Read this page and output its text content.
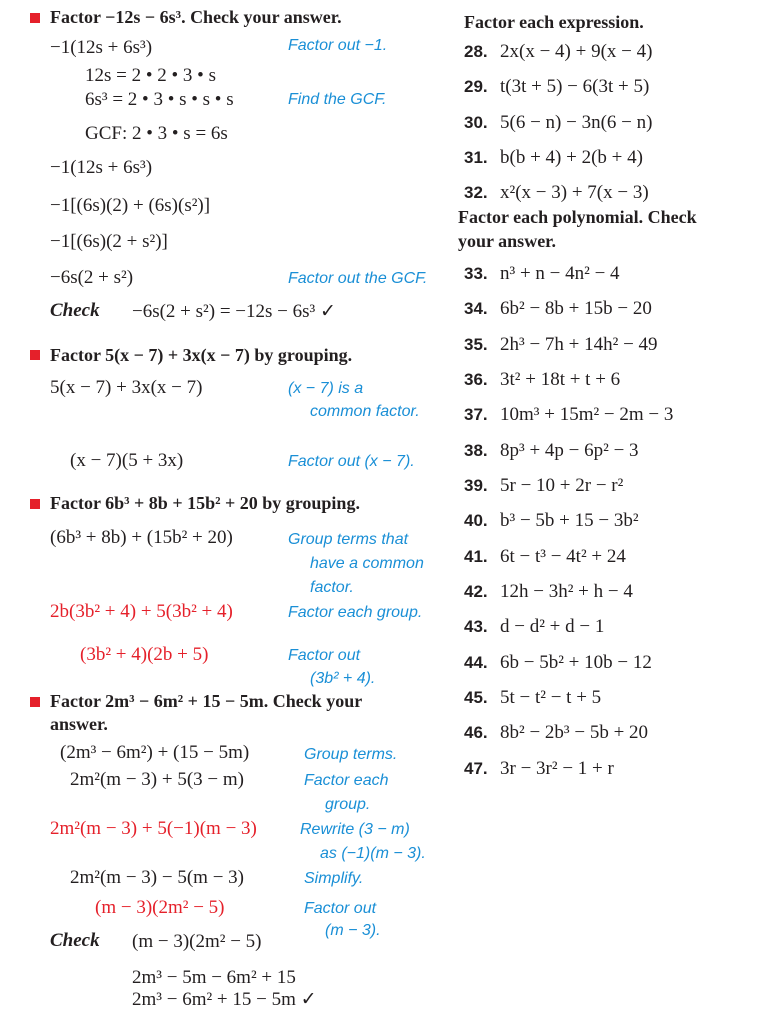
Factor −12s − 6s³. Check your answer.
−1(12s + 6s³)	Factor out −1.
12s = 2 • 2 • 3 • s
6s³ = 2 • 3 • s • s • s	Find the GCF.
GCF: 2 • 3 • s = 6s
−1(12s + 6s³)
−1[(6s)(2) + (6s)(s²)]
−1[(6s)(2 + s²)]
−6s(2 + s²)	Factor out the GCF.
Check −6s(2 + s²) = −12s − 6s³ ✓
Factor 5(x − 7) + 3x(x − 7) by grouping.
5(x − 7) + 3x(x − 7)	(x − 7) is a
common factor.
(x − 7)(5 + 3x)	Factor out (x − 7).
Factor 6b³ + 8b + 15b² + 20 by grouping.
(6b³ + 8b) + (15b² + 20)	Group terms that
have a common
factor.
2b(3b² + 4) + 5(3b² + 4)	Factor each group.
(3b² + 4)(2b + 5)	Factor out
(3b² + 4).
Factor 2m³ − 6m² + 15 − 5m. Check your
answer.
(2m³ − 6m²) + (15 − 5m)	Group terms.
2m²(m − 3) + 5(3 − m)	Factor each
group.
2m²(m − 3) + 5(−1)(m − 3)	Rewrite (3 − m)
as (−1)(m − 3).
2m²(m − 3) − 5(m − 3)	Simplify.
(m − 3)(2m² − 5)	Factor out
(m − 3).
Check (m − 3)(2m² − 5)
2m³ − 5m − 6m² + 15
2m³ − 6m² + 15 − 5m ✓
Factor each expression.
28. 2x(x − 4) + 9(x − 4)
29. t(3t + 5) − 6(3t + 5)
30. 5(6 − n) − 3n(6 − n)
31. b(b + 4) + 2(b + 4)
32. x²(x − 3) + 7(x − 3)
Factor each polynomial. Check
your answer.
33. n³ + n − 4n² − 4
34. 6b² − 8b + 15b − 20
35. 2h³ − 7h + 14h² − 49
36. 3t² + 18t + t + 6
37. 10m³ + 15m² − 2m − 3
38. 8p³ + 4p − 6p² − 3
39. 5r − 10 + 2r − r²
40. b³ − 5b + 15 − 3b²
41. 6t − t³ − 4t² + 24
42. 12h − 3h² + h − 4
43. d − d² + d − 1
44. 6b − 5b² + 10b − 12
45. 5t − t² − t + 5
46. 8b² − 2b³ − 5b + 20
47. 3r − 3r² − 1 + r
